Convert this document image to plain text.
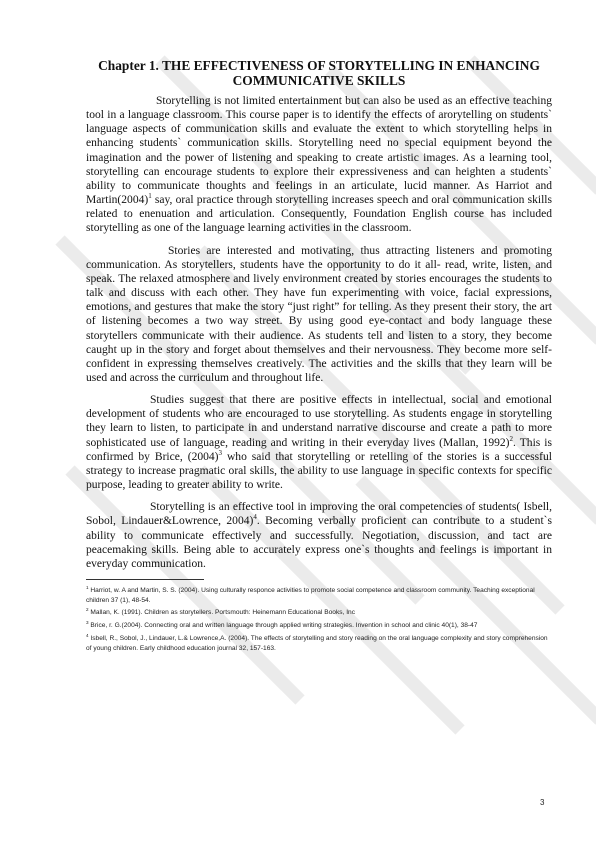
Chapter 1. THE EFFECTIVENESS OF STORYTELLING IN ENHANCING COMMUNICATIVE SKILLS

Storytelling is not limited entertainment but can also be used as an effective teaching tool in a language classroom. This course paper is to identify the effects of arorytelling on students` language aspects of communication skills and evaluate the extent to which storytelling helps in enhancing students` communication skills. Storytelling need no special equipment beyond the imagination and the power of listening and speaking to create artistic images. As a learning tool, storytelling can encourage students to explore their expressiveness and can heighten a students` ability to communicate thoughts and feelings in an articulate, lucid manner. As Harriot and $Martin(2004)^1$ say, oral practice through storytelling increases speech and oral communication skills related to enenuation and articulation. Consequently, Foundation English course has included storytelling as one of the language learning activities in the classroom.

Stories are interested and motivating, thus attracting listeners and promoting communication. As storytellers, students have the opportunity to do it all- read, write, listen, and speak. The relaxed atmosphere and lively environment created by stories encourages the students to talk and discuss with each other. They have fun experimenting with voice, facial expressions, emotions, and gestures that make the story “just right” for telling. As they present their story, the art of listening becomes a two way street. By using good eye-contact and body language these storytellers communicate with their audience. As students tell and listen to a story, they become caught up in the story and forget about themselves and their nervousness. They become more self-confident in expressing themselves creatively. The activities and the skills that they learn will be used and across the curriculum and throughout life.

Studies suggest that there are positive effects in intellectual, social and emotional development of students who are encouraged to use storytelling. As students engage in storytelling they learn to listen, to participate in and understand narrative discourse and create a path to more sophisticated use of language, reading and writing in their everyday lives (Mallan, 1992)$^2$. This is confirmed by Brice, $(2004)^3$ who said that storytelling or retelling of the stories is a successful strategy to increase pragmatic oral skills, the ability to use language in specific contexts for specific purpose, leading to greater ability to write.

Storytelling is an effective tool in improving the oral competencies of students( Isbell, Sobol, Lindauer&Lowrence, 2004)$^4$. Becoming verbally proficient can contribute to a student`s ability to communicate effectively and successfully. Negotiation, discussion, and tact are peacemaking skills. Being able to accurately express one`s thoughts and feelings is important in everyday communication.

$^1$ Harriot, w. A and Martin, S. S. (2004). Using culturally responce activities to promote social competence and classroom community. Teaching exceptional children 37 (1), 48-54.
$^2$ Mallan, K. (1991). Children as storytellers. Portsmouth: Heinemann Educational Books, Inc
$^3$ Brice, r. G.(2004). Connecting oral and written language through applied writing strategies. Invention in school and clinic 40(1), 38-47
$^4$ Isbell, R., Sobol, J., Lindauer, L.& Lowrence,A. (2004). The effects of storytelling and story reading on the oral language complexity and story comprehension of young children. Early childhood education journal 32, 157-163.
3
